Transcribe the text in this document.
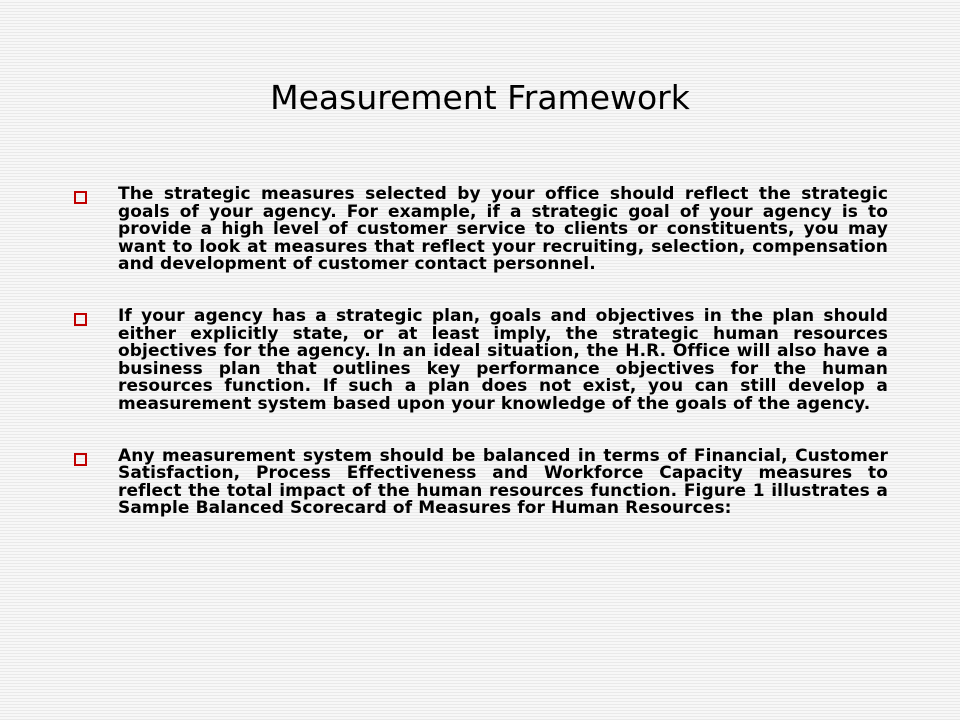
Measurement Framework
The strategic measures selected by your office should reflect the strategic goals of your agency. For example, if a strategic goal of your agency is to provide a high level of customer service to clients or constituents, you may want to look at measures that reflect your recruiting, selection, compensation and development of customer contact personnel.
If your agency has a strategic plan, goals and objectives in the plan should either explicitly state, or at least imply, the strategic human resources objectives for the agency. In an ideal situation, the H.R. Office will also have a business plan that outlines key performance objectives for the human resources function. If such a plan does not exist, you can still develop a measurement system based upon your knowledge of the goals of the agency.
Any measurement system should be balanced in terms of Financial, Customer Satisfaction, Process Effectiveness and Workforce Capacity measures to reflect the total impact of the human resources function. Figure 1 illustrates a Sample Balanced Scorecard of Measures for Human Resources:
